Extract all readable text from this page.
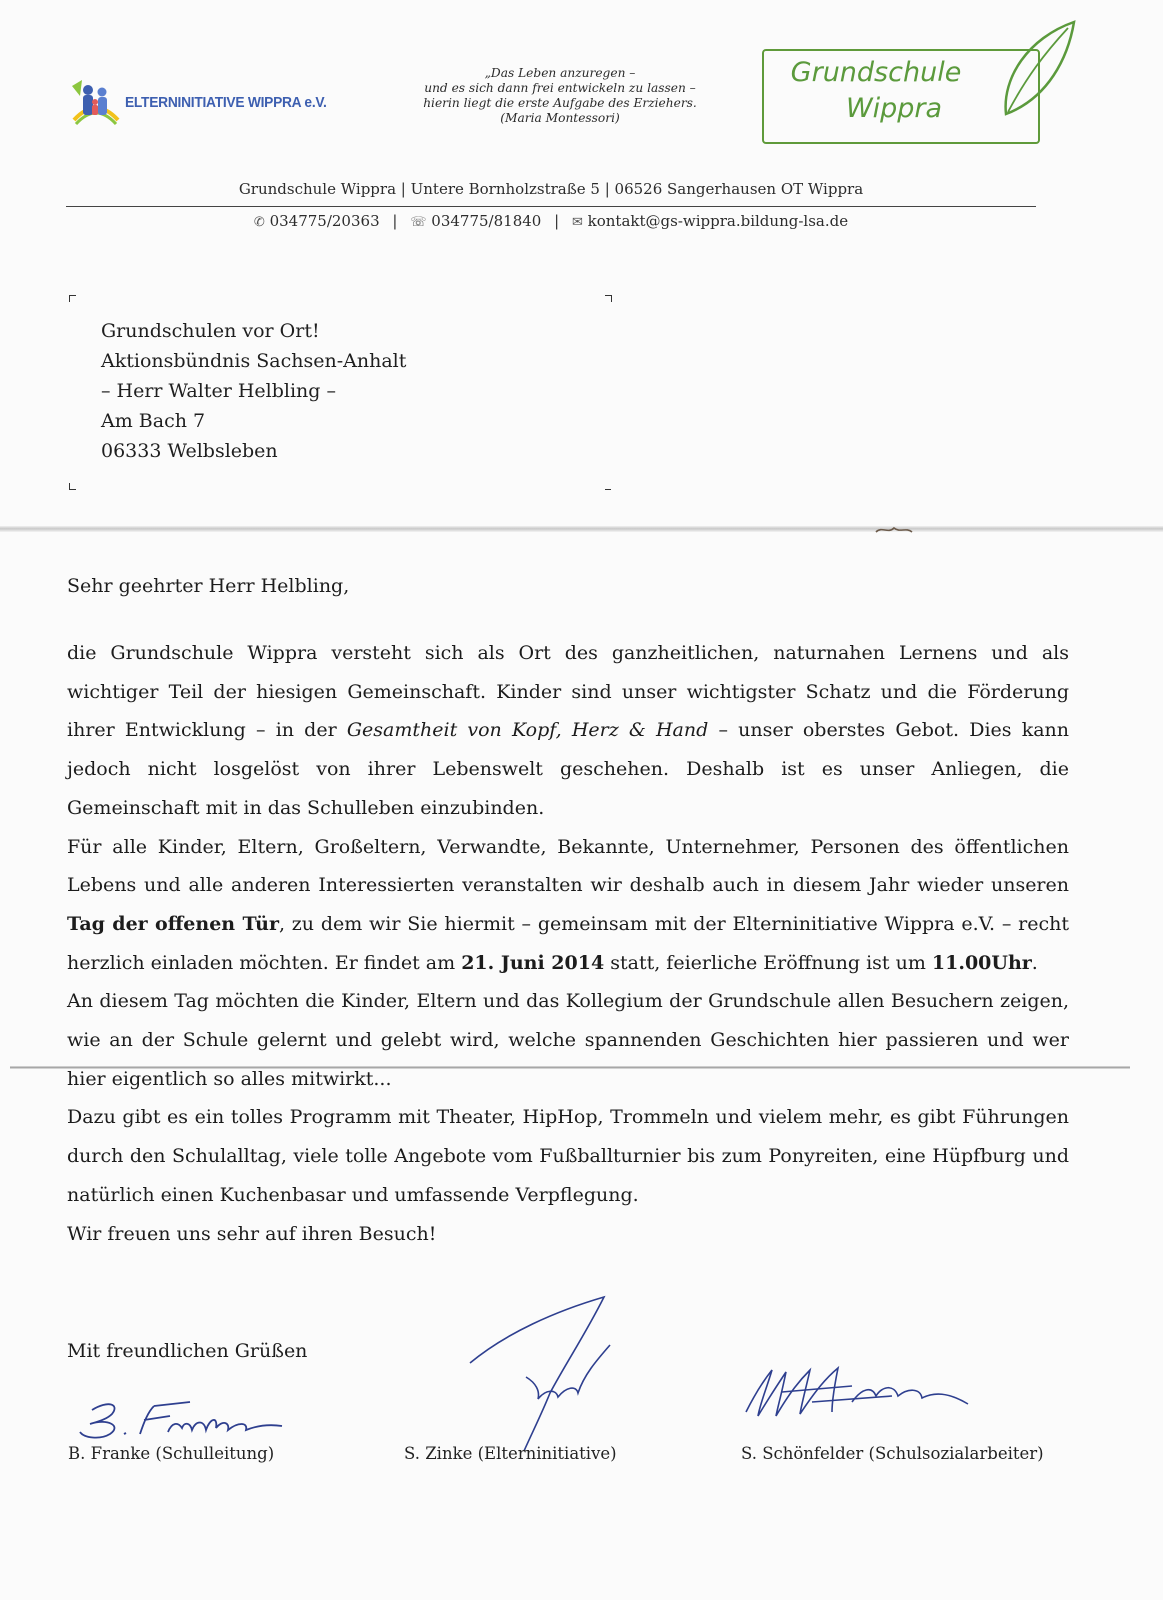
ELTERNINITIATIVE WIPPRA e.V.
„Das Leben anzuregen –
und es sich dann frei entwickeln zu lassen –
hierin liegt die erste Aufgabe des Erziehers.
(Maria Montessori)
Grundschule
Wippra
Grundschule Wippra | Untere Bornholzstraße 5 | 06526 Sangerhausen OT Wippra
✆ 034775/20363 | ☏ 034775/81840 | ✉ kontakt@gs-wippra.bildung-lsa.de
Grundschulen vor Ort!
Aktionsbündnis Sachsen-Anhalt
– Herr Walter Helbling –
Am Bach 7
06333 Welbsleben
Sehr geehrter Herr Helbling,

die Grundschule Wippra versteht sich als Ort des ganzheitlichen, naturnahen Lernens und als wichtiger Teil der hiesigen Gemeinschaft. Kinder sind unser wichtigster Schatz und die Förderung ihrer Entwicklung – in der Gesamtheit von Kopf, Herz & Hand – unser oberstes Gebot. Dies kann jedoch nicht losgelöst von ihrer Lebenswelt geschehen. Deshalb ist es unser Anliegen, die Gemeinschaft mit in das Schulleben einzubinden.

Für alle Kinder, Eltern, Großeltern, Verwandte, Bekannte, Unternehmer, Personen des öffentlichen Lebens und alle anderen Interessierten veranstalten wir deshalb auch in diesem Jahr wieder unseren Tag der offenen Tür, zu dem wir Sie hiermit – gemeinsam mit der Elterninitiative Wippra e.V. – recht herzlich einladen möchten. Er findet am 21. Juni 2014 statt, feierliche Eröffnung ist um 11.00Uhr.

An diesem Tag möchten die Kinder, Eltern und das Kollegium der Grundschule allen Besuchern zeigen, wie an der Schule gelernt und gelebt wird, welche spannenden Geschichten hier passieren und wer hier eigentlich so alles mitwirkt...

Dazu gibt es ein tolles Programm mit Theater, HipHop, Trommeln und vielem mehr, es gibt Führungen durch den Schulalltag, viele tolle Angebote vom Fußballturnier bis zum Ponyreiten, eine Hüpfburg und natürlich einen Kuchenbasar und umfassende Verpflegung.

Wir freuen uns sehr auf ihren Besuch!

Mit freundlichen Grüßen
B. Franke (Schulleitung)	S. Zinke (Elterninitiative)	S. Schönfelder (Schulsozialarbeiter)
